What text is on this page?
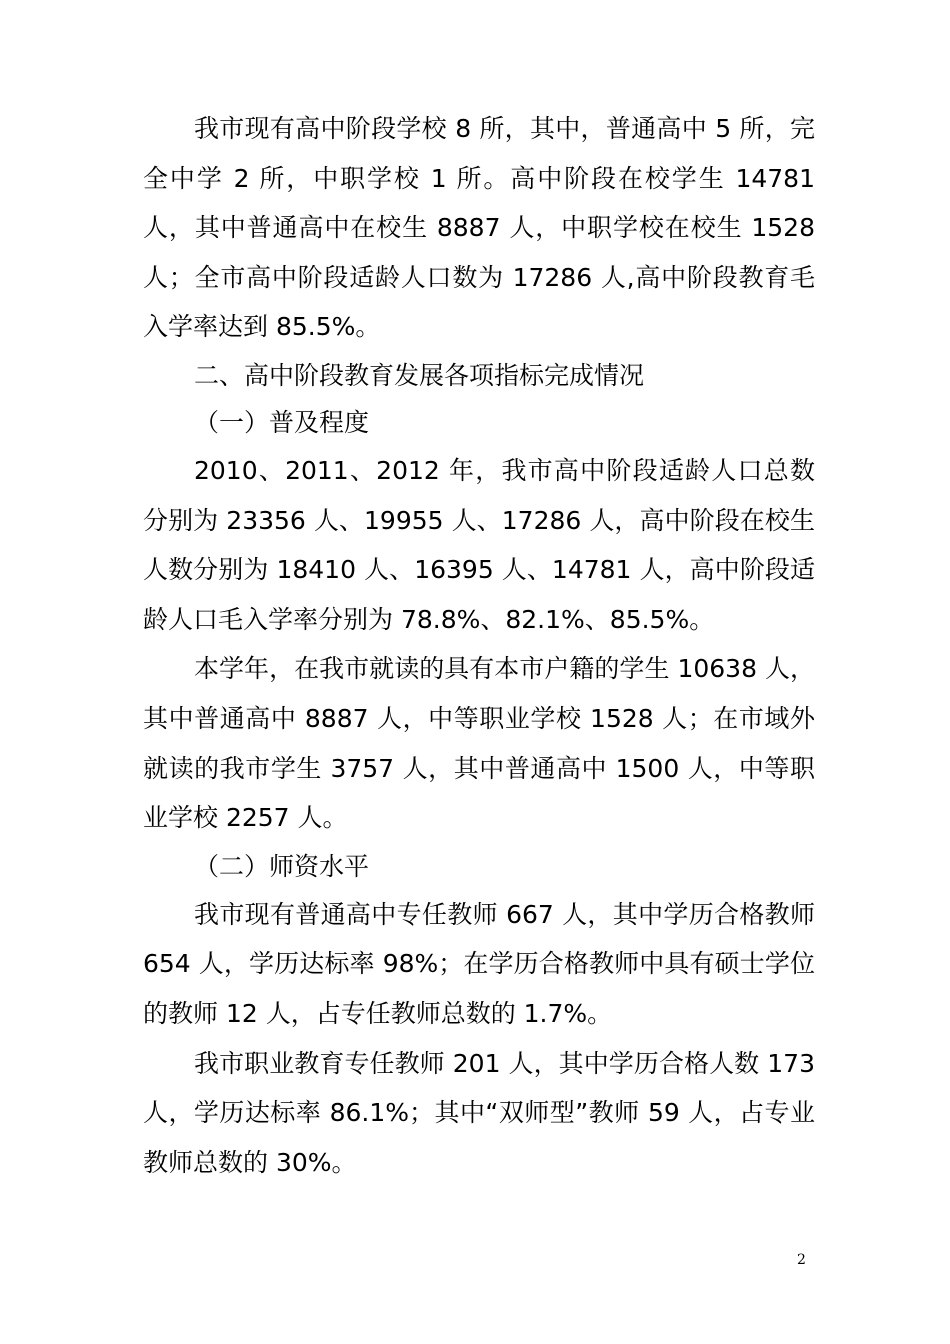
我市现有高中阶段学校 8 所，其中，普通高中 5 所，完全中学 2 所，中职学校 1 所。高中阶段在校学生 14781 人，其中普通高中在校生 8887 人，中职学校在校生 1528 人；全市高中阶段适龄人口数为 17286 人,高中阶段教育毛入学率达到 85.5%。

二、高中阶段教育发展各项指标完成情况

（一）普及程度

2010、2011、2012 年，我市高中阶段适龄人口总数分别为 23356 人、19955 人、17286 人，高中阶段在校生人数分别为 18410 人、16395 人、14781 人，高中阶段适龄人口毛入学率分别为 78.8%、82.1%、85.5%。

本学年，在我市就读的具有本市户籍的学生 10638 人，其中普通高中 8887 人，中等职业学校 1528 人；在市域外就读的我市学生 3757 人，其中普通高中 1500 人，中等职业学校 2257 人。

（二）师资水平

我市现有普通高中专任教师 667 人，其中学历合格教师 654 人，学历达标率 98%；在学历合格教师中具有硕士学位的教师 12 人，占专任教师总数的 1.7%。

我市职业教育专任教师 201 人，其中学历合格人数 173 人，学历达标率 86.1%；其中“双师型”教师 59 人，占专业教师总数的 30%。

2
